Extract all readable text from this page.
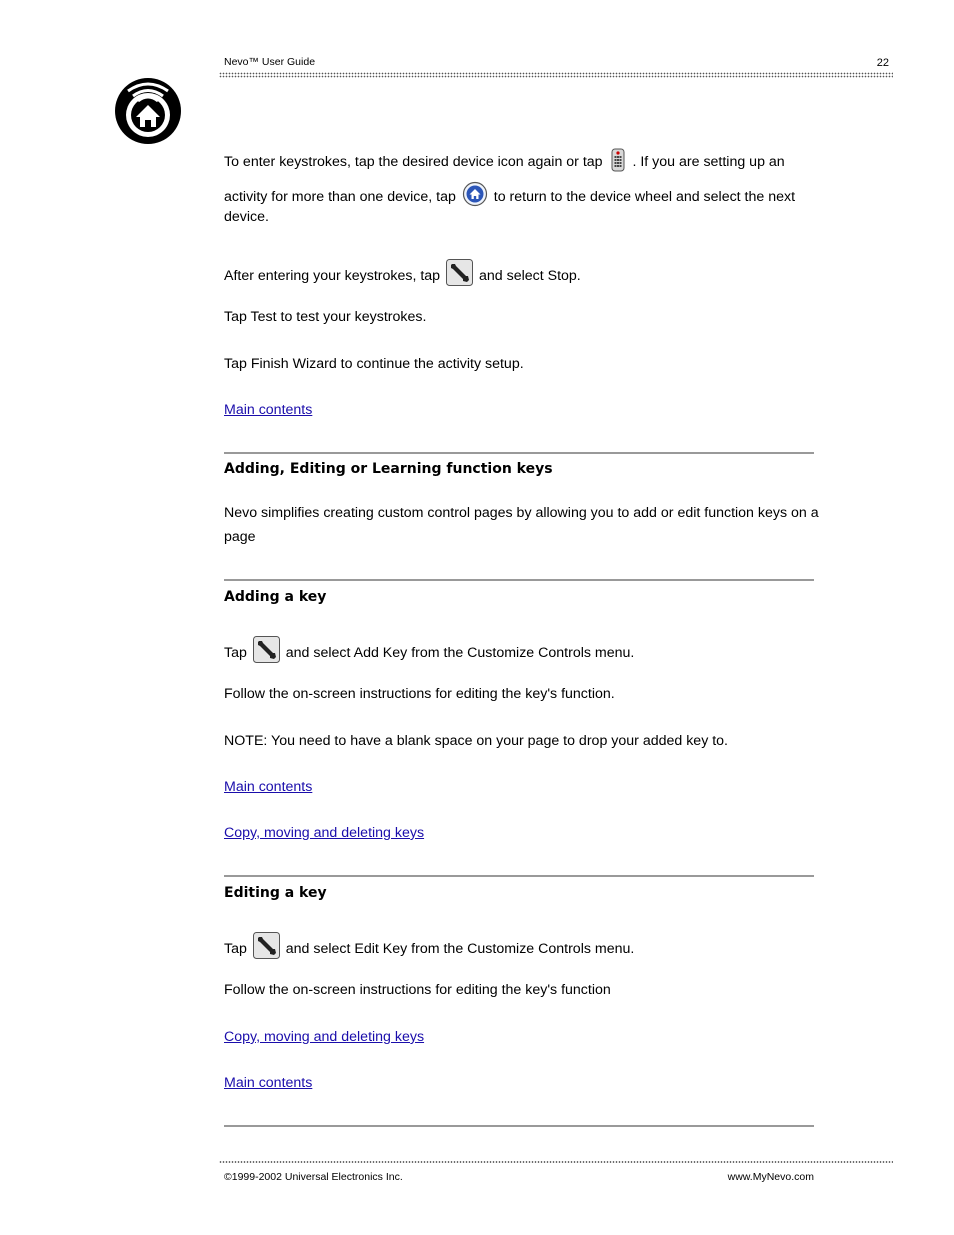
Nevo™ User Guide	22
To enter keystrokes, tap the desired device icon again or tap . If you are setting up an
activity for more than one device, tap	to return to the device wheel and select the next
device.
After entering your keystrokes, tap	and select Stop.
Tap Test to test your keystrokes.
Tap Finish Wizard to continue the activity setup.
Main contents
Adding, Editing or Learning function keys
Nevo simplifies creating custom control pages by allowing you to add or edit function keys on a
page
Adding a key
Tap	and select Add Key from the Customize Controls menu.
Follow the on-screen instructions for editing the key's function.
NOTE: You need to have a blank space on your page to drop your added key to.
Main contents
Copy, moving and deleting keys
Editing a key
Tap	and select Edit Key from the Customize Controls menu.
Follow the on-screen instructions for editing the key's function
Copy, moving and deleting keys
Main contents
©1999-2002 Universal Electronics Inc.	www.MyNevo.com
